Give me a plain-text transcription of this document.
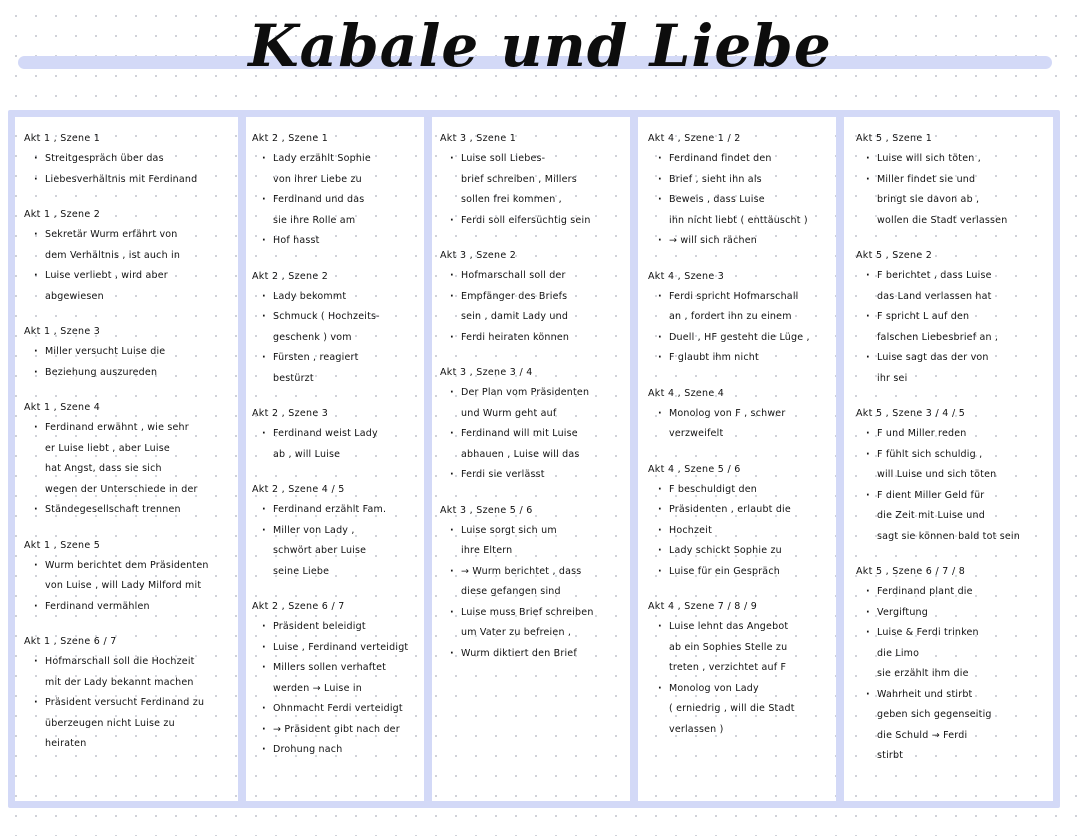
Kabale und Liebe
Akt 1 , Szene 1
· Streitgespräch über das
· Liebesverhältnis mit Ferdinand
Akt 1 , Szene 2
· Sekretär Wurm erfährt von
dem Verhältnis , ist auch in
· Luise verliebt , wird aber
abgewiesen
Akt 1 , Szene 3
· Miller versucht Luise die
· Beziehung auszureden
Akt 1 , Szene 4
· Ferdinand erwähnt , wie sehr
er Luise liebt , aber Luise
hat Angst, dass sie sich
wegen der Unterschiede in der
· Ständegesellschaft trennen
Akt 1 , Szene 5
· Wurm berichtet dem Präsidenten
von Luise , will Lady Milford mit
· Ferdinand vermählen
Akt 1 , Szene 6 / 7
· Hofmarschall soll die Hochzeit
mit der Lady bekannt machen
· Präsident versucht Ferdinand zu
überzeugen nicht Luise zu
heiraten
Akt 2 , Szene 1
· Lady erzählt Sophie
von ihrer Liebe zu
· Ferdinand und das
sie ihre Rolle am
· Hof hasst
Akt 2 , Szene 2
· Lady bekommt
· Schmuck ( Hochzeits-
geschenk ) vom
· Fürsten , reagiert
bestürzt
Akt 2 , Szene 3
· Ferdinand weist Lady
ab , will Luise
Akt 2 , Szene 4 / 5
· Ferdinand erzählt Fam.
· Miller von Lady ,
schwört aber Luise
seine Liebe
Akt 2 , Szene 6 / 7
· Präsident beleidigt
· Luise , Ferdinand verteidigt
· Millers sollen verhaftet
werden → Luise in
· Ohnmacht Ferdi verteidigt
· → Präsident gibt nach der
· Drohung nach
Akt 3 , Szene 1
· Luise soll Liebes-
brief schreiben , Millers
sollen frei kommen ,
· Ferdi soll eifersüchtig sein
Akt 3 , Szene 2
· Hofmarschall soll der
· Empfänger des Briefs
sein , damit Lady und
· Ferdi heiraten können
Akt 3 , Szene 3 / 4
· Der Plan vom Präsidenten
und Wurm geht auf
· Ferdinand will mit Luise
abhauen , Luise will das
· Ferdi sie verlässt
Akt 3 , Szene 5 / 6
· Luise sorgt sich um
ihre Eltern
· → Wurm berichtet , dass
diese gefangen sind
· Luise muss Brief schreiben
um Vater zu befreien ,
· Wurm diktiert den Brief
Akt 4 , Szene 1 / 2
· Ferdinand findet den
· Brief , sieht ihn als
· Beweis , dass Luise
ihn nicht liebt ( enttäuscht )
· → will sich rächen
Akt 4 , Szene 3
· Ferdi spricht Hofmarschall
an , fordert ihn zu einem
· Duell , HF gesteht die Lüge ,
· F glaubt ihm nicht
Akt 4 , Szene 4
· Monolog von F , schwer
verzweifelt
Akt 4 , Szene 5 / 6
· F beschuldigt den
· Präsidenten , erlaubt die
· Hochzeit
· Lady schickt Sophie zu
· Luise für ein Gespräch
Akt 4 , Szene 7 / 8 / 9
· Luise lehnt das Angebot
ab ein Sophies Stelle zu
treten , verzichtet auf F
· Monolog von Lady
( erniedrig , will die Stadt verlassen )
Akt 5 , Szene 1
· Luise will sich töten ,
· Miller findet sie und
bringt sie davon ab ,
wollen die Stadt verlassen
Akt 5 , Szene 2
· F berichtet , dass Luise
das Land verlassen hat
· F spricht L auf den
falschen Liebesbrief an ,
· Luise sagt das der von
ihr sei
Akt 5 , Szene 3 / 4 / 5
· F und Miller reden
· F fühlt sich schuldig ,
will Luise und sich töten
· F dient Miller Geld für
die Zeit mit Luise und
sagt sie können bald tot sein
Akt 5 , Szene 6 / 7 / 8
· Ferdinand plant die
· Vergiftung
· Luise & Ferdi trinken
die Limo
sie erzählt ihm die
· Wahrheit und stirbt
geben sich gegenseitig
die Schuld → Ferdi
stirbt
